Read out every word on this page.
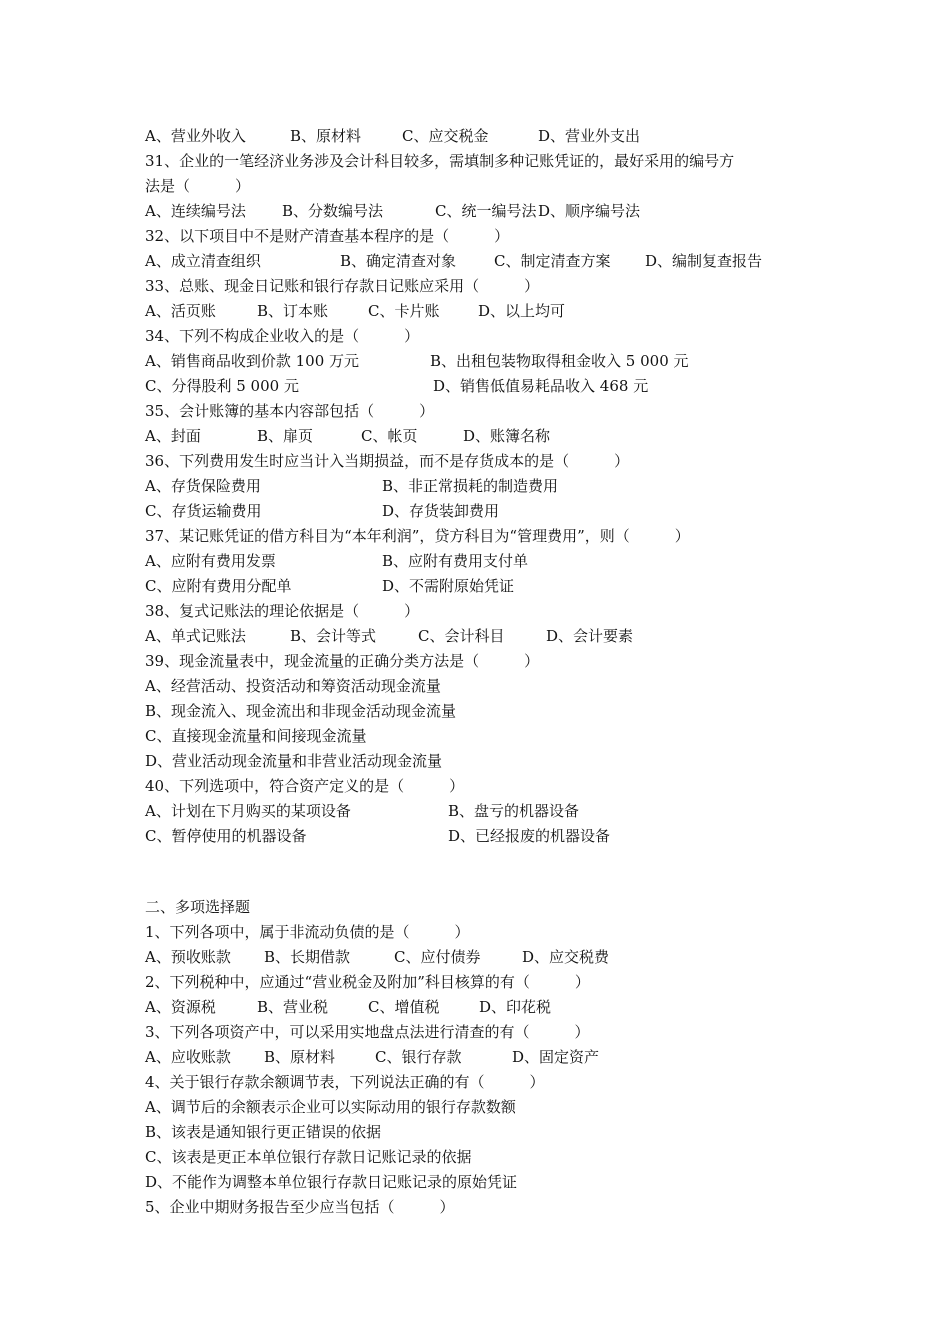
A、营业外收入	B、原材料	C、应交税金	D、营业外支出
31、企业的一笔经济业务涉及会计科目较多，需填制多种记账凭证的，最好采用的编号方
法是（　　　）
A、连续编号法 B、分数编号法	C、统一编号法 D、顺序编号法
32、以下项目中不是财产清查基本程序的是（　　　）
A、成立清查组织	B、确定清查对象	C、制定清查方案 D、编制复查报告
33、总账、现金日记账和银行存款日记账应采用（　　　）
A、活页账	B、订本账	C、卡片账	D、以上均可
34、下列不构成企业收入的是（　　　）
A、销售商品收到价款 100 万元	B、出租包装物取得租金收入 5 000 元
C、分得股利 5 000 元	D、销售低值易耗品收入 468 元
35、会计账簿的基本内容部包括（　　　）
A、封面	B、扉页	C、帐页	D、账簿名称
36、下列费用发生时应当计入当期损益，而不是存货成本的是（　　　）
A、存货保险费用	B、非正常损耗的制造费用
C、存货运输费用	D、存货装卸费用
37、某记账凭证的借方科目为“本年利润”，贷方科目为“管理费用”，则（　　　）
A、应附有费用发票	B、应附有费用支付单
C、应附有费用分配单	D、不需附原始凭证
38、复式记账法的理论依据是（　　　）
A、单式记账法	B、会计等式	C、会计科目	D、会计要素
39、现金流量表中，现金流量的正确分类方法是（　　　）
A、经营活动、投资活动和筹资活动现金流量
B、现金流入、现金流出和非现金活动现金流量
C、直接现金流量和间接现金流量
D、营业活动现金流量和非营业活动现金流量
40、下列选项中，符合资产定义的是（　　　）
A、计划在下月购买的某项设备	B、盘亏的机器设备
C、暂停使用的机器设备	D、已经报废的机器设备
二、多项选择题
1、下列各项中，属于非流动负债的是（　　　）
A、预收账款 B、长期借款	C、应付债券	D、应交税费
2、下列税种中，应通过“营业税金及附加”科目核算的有（　　　）
A、资源税	B、营业税	C、增值税	D、印花税
3、下列各项资产中，可以采用实地盘点法进行清查的有（　　　）
A、应收账款 B、原材料	C、银行存款	D、固定资产
4、关于银行存款余额调节表，下列说法正确的有（　　　）
A、调节后的余额表示企业可以实际动用的银行存款数额
B、该表是通知银行更正错误的依据
C、该表是更正本单位银行存款日记账记录的依据
D、不能作为调整本单位银行存款日记账记录的原始凭证
5、企业中期财务报告至少应当包括（　　　）
